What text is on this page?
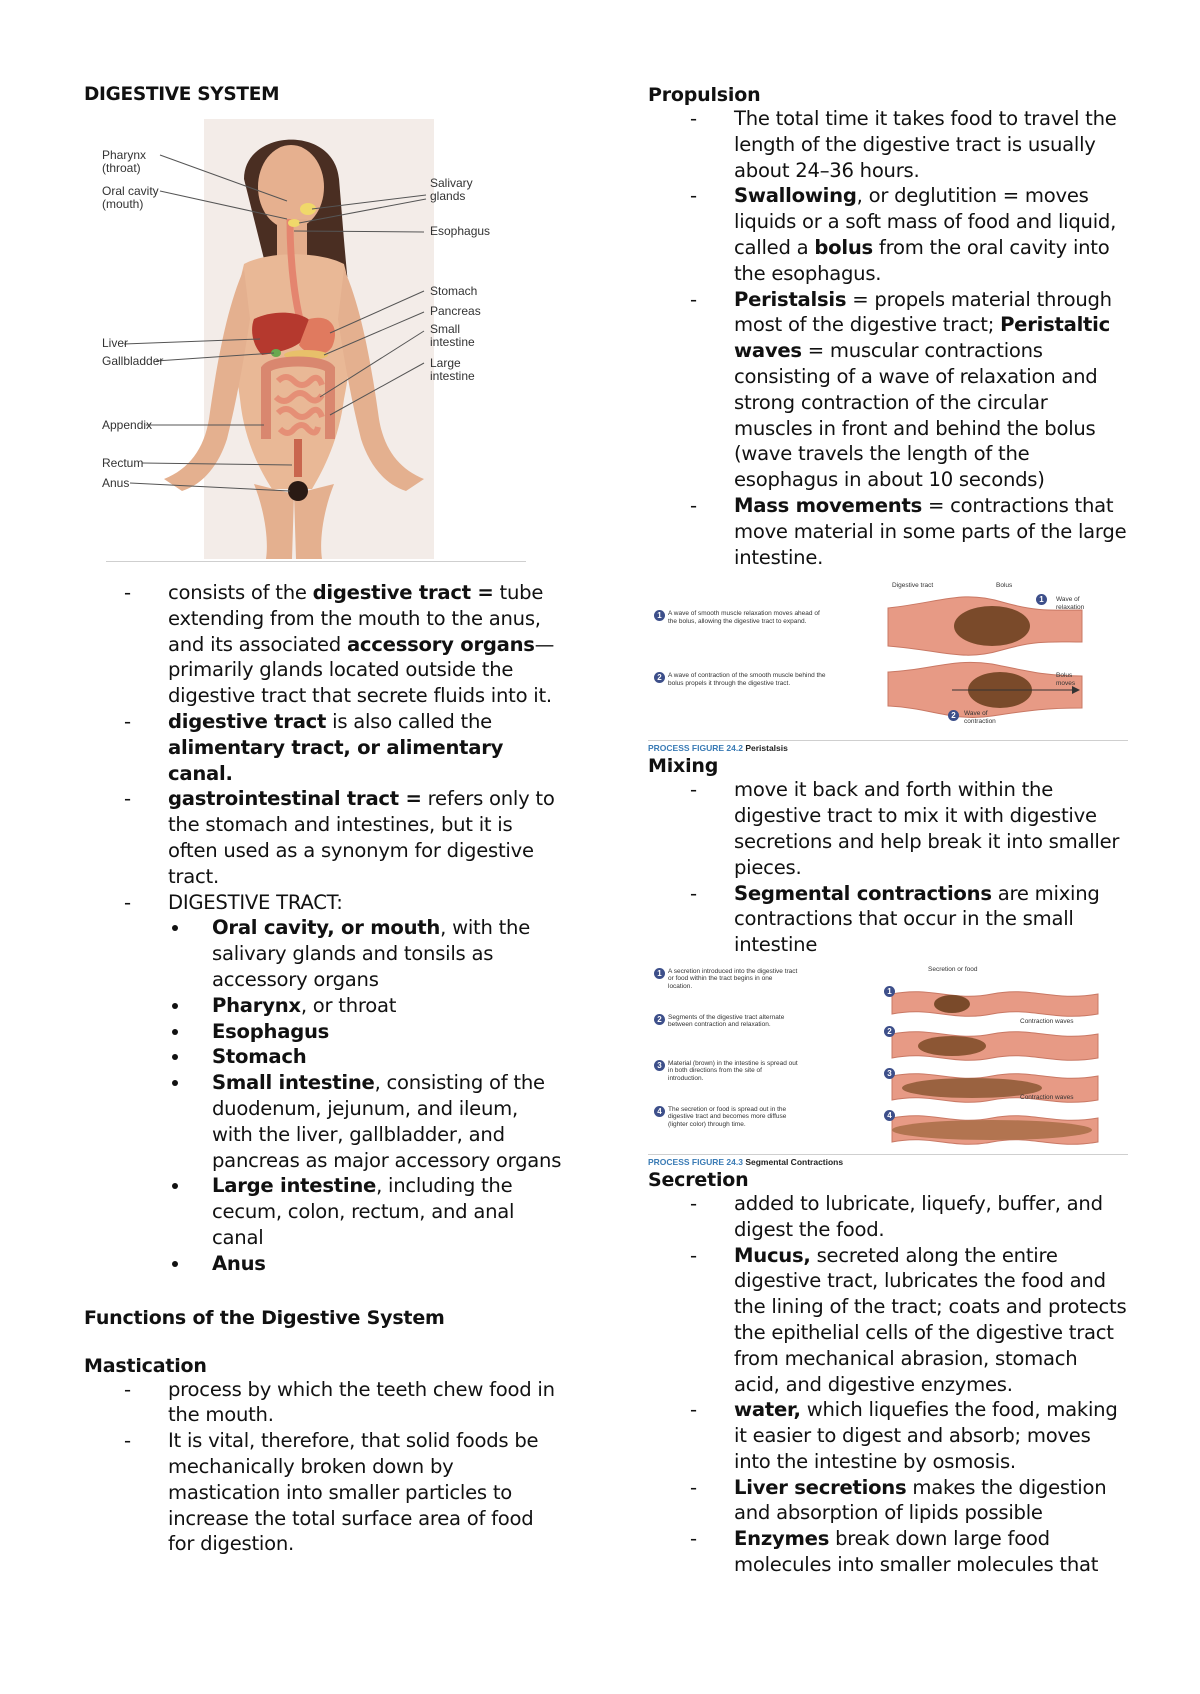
DIGESTIVE SYSTEM
Pharynx
(throat)
Oral cavity
(mouth)
Liver
Gallbladder
Appendix
Rectum
Anus
Salivary
glands
Esophagus
Stomach
Pancreas
Small
intestine
Large
intestine
- consists of the digestive tract = tube extending from the mouth to the anus, and its associated accessory organs—primarily glands located outside the digestive tract that secrete fluids into it.
- digestive tract is also called the alimentary tract, or alimentary canal.
- gastrointestinal tract = refers only to the stomach and intestines, but it is often used as a synonym for digestive tract.
- DIGESTIVE TRACT:
Oral cavity, or mouth, with the salivary glands and tonsils as accessory organs
Pharynx, or throat
Esophagus
Stomach
Small intestine, consisting of the duodenum, jejunum, and ileum, with the liver, gallbladder, and pancreas as major accessory organs
Large intestine, including the cecum, colon, rectum, and anal canal
Anus
Functions of the Digestive System
Mastication
- process by which the teeth chew food in the mouth.
- It is vital, therefore, that solid foods be mechanically broken down by mastication into smaller particles to increase the total surface area of food for digestion.
Propulsion
- The total time it takes food to travel the length of the digestive tract is usually about 24–36 hours.
- Swallowing, or deglutition = moves liquids or a soft mass of food and liquid, called a bolus from the oral cavity into the esophagus.
- Peristalsis = propels material through most of the digestive tract; Peristaltic waves = muscular contractions consisting of a wave of relaxation and strong contraction of the circular muscles in front and behind the bolus (wave travels the length of the esophagus in about 10 seconds)
- Mass movements = contractions that move material in some parts of the large intestine.
1 A wave of smooth muscle relaxation moves ahead of the bolus, allowing the digestive tract to expand.
2 A wave of contraction of the smooth muscle behind the bolus propels it through the digestive tract.
Digestive tract	Bolus
1	Wave of
relaxation
Bolus
moves
2	Wave of
contraction
PROCESS FIGURE 24.2 Peristalsis
Mixing
- move it back and forth within the digestive tract to mix it with digestive secretions and help break it into smaller pieces.
- Segmental contractions are mixing contractions that occur in the small intestine
Secretion or food
Contraction waves
Contraction waves
1 A secretion introduced into the digestive tract or food within the tract begins in one location.
2 Segments of the digestive tract alternate between contraction and relaxation.
3 Material (brown) in the intestine is spread out in both directions from the site of introduction.
4 The secretion or food is spread out in the digestive tract and becomes more diffuse (lighter color) through time.
1
2
3
4
PROCESS FIGURE 24.3 Segmental Contractions
Secretion
- added to lubricate, liquefy, buffer, and digest the food.
- Mucus, secreted along the entire digestive tract, lubricates the food and the lining of the tract; coats and protects the epithelial cells of the digestive tract from mechanical abrasion, stomach acid, and digestive enzymes.
- water, which liquefies the food, making it easier to digest and absorb; moves into the intestine by osmosis.
- Liver secretions makes the digestion and absorption of lipids possible
- Enzymes break down large food molecules into smaller molecules that
